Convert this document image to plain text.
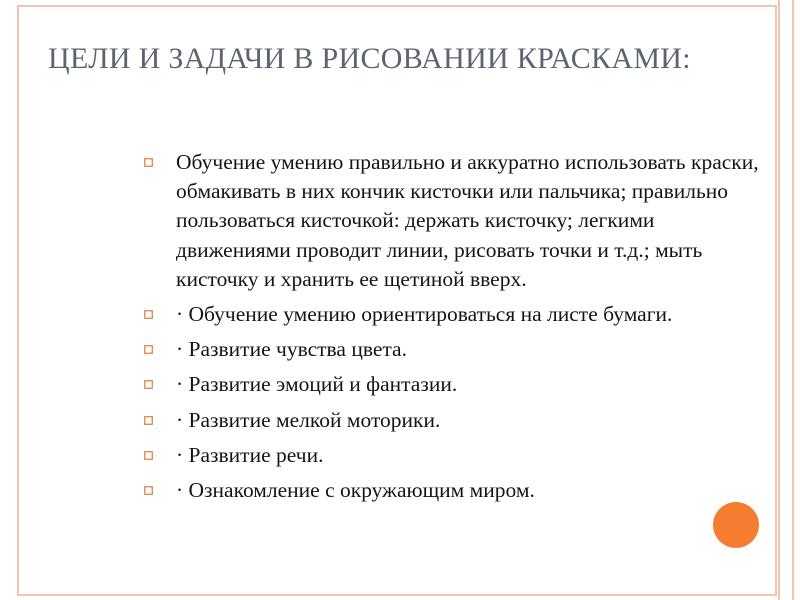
ЦЕЛИ И ЗАДАЧИ В РИСОВАНИИ КРАСКАМИ:
Обучение умению правильно и аккуратно использовать краски, обмакивать в них кончик кисточки или пальчика; правильно пользоваться кисточкой: держать кисточку; легкими движениями проводит линии, рисовать точки и т.д.; мыть кисточку и хранить ее щетиной вверх.
· Обучение умению ориентироваться на листе бумаги.
· Развитие чувства цвета.
· Развитие эмоций и фантазии.
· Развитие мелкой моторики.
· Развитие речи.
· Ознакомление с окружающим миром.
